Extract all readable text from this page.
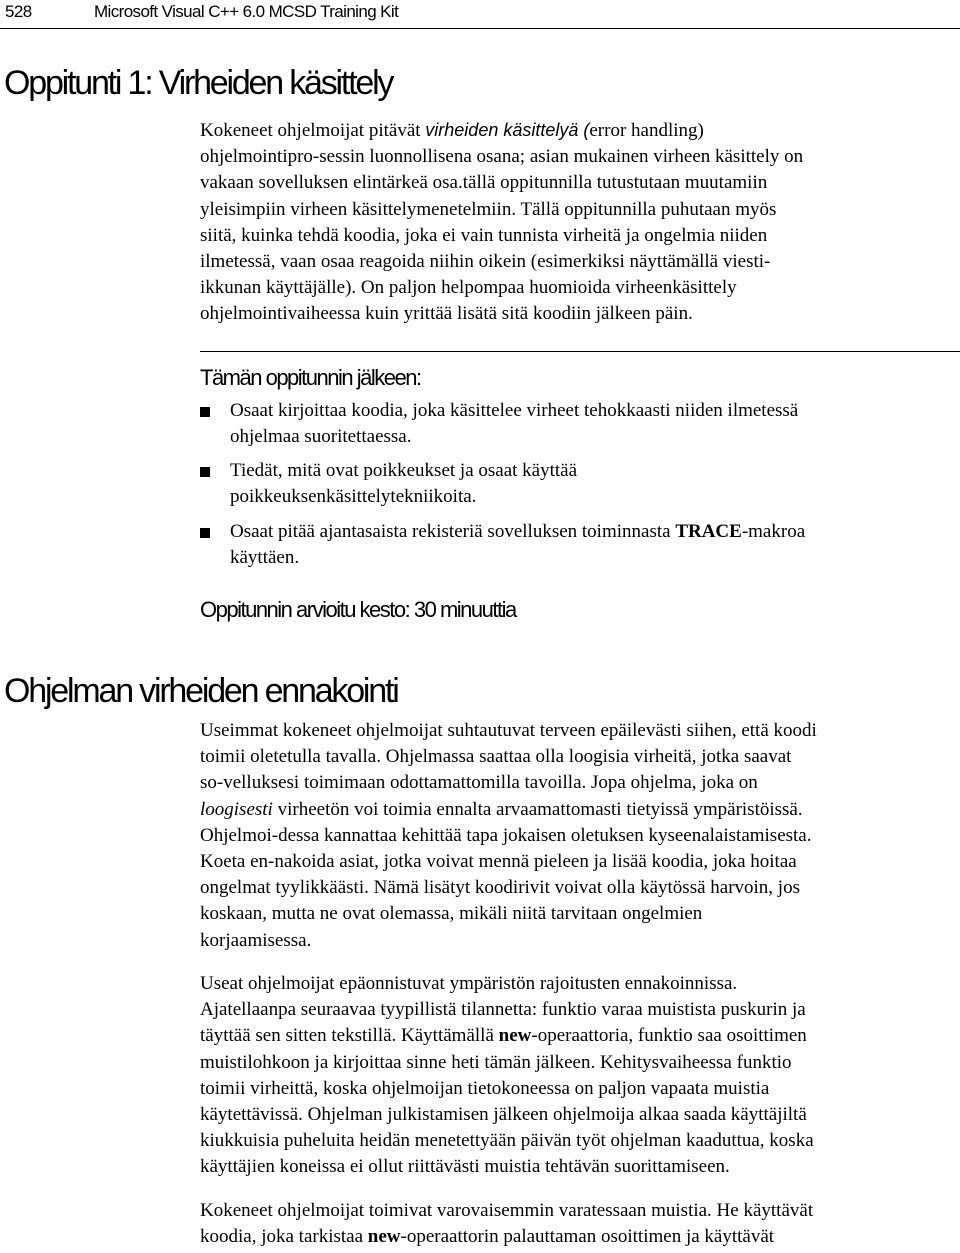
528	Microsoft Visual C++ 6.0 MCSD Training Kit
Oppitunti 1: Virheiden käsittely
Kokeneet ohjelmoijat pitävät virheiden käsittelyä (error handling)
ohjelmointipro-sessin luonnollisena osana; asian mukainen virheen käsittely on
vakaan sovelluksen elintärkeä osa.tällä oppitunnilla tutustutaan muutamiin
yleisimpiin virheen käsittelymenetelmiin. Tällä oppitunnilla puhutaan myös
siitä, kuinka tehdä koodia, joka ei vain tunnista virheitä ja ongelmia niiden
ilmetessä, vaan osaa reagoida niihin oikein (esimerkiksi näyttämällä viesti-
ikkunan käyttäjälle). On paljon helpompaa huomioida virheenkäsittely
ohjelmointivaiheessa kuin yrittää lisätä sitä koodiin jälkeen päin.
Tämän oppitunnin jälkeen:
Osaat kirjoittaa koodia, joka käsittelee virheet tehokkaasti niiden ilmetessä
ohjelmaa suoritettaessa.
Tiedät, mitä ovat poikkeukset ja osaat käyttää
poikkeuksenkäsittelytekniikoita.
Osaat pitää ajantasaista rekisteriä sovelluksen toiminnasta TRACE-makroa
käyttäen.
Oppitunnin arvioitu kesto: 30 minuuttia
Ohjelman virheiden ennakointi
Useimmat kokeneet ohjelmoijat suhtautuvat terveen epäilevästi siihen, että koodi
toimii oletetulla tavalla. Ohjelmassa saattaa olla loogisia virheitä, jotka saavat
so-velluksesi toimimaan odottamattomilla tavoilla. Jopa ohjelma, joka on
loogisesti virheetön voi toimia ennalta arvaamattomasti tietyissä ympäristöissä.
Ohjelmoi-dessa kannattaa kehittää tapa jokaisen oletuksen kyseenalaistamisesta.
Koeta en-nakoida asiat, jotka voivat mennä pieleen ja lisää koodia, joka hoitaa
ongelmat tyylikkäästi. Nämä lisätyt koodirivit voivat olla käytössä harvoin, jos
koskaan, mutta ne ovat olemassa, mikäli niitä tarvitaan ongelmien
korjaamisessa.
Useat ohjelmoijat epäonnistuvat ympäristön rajoitusten ennakoinnissa.
Ajatellaanpa seuraavaa tyypillistä tilannetta: funktio varaa muistista puskurin ja
täyttää sen sitten tekstillä. Käyttämällä new-operaattoria, funktio saa osoittimen
muistilohkoon ja kirjoittaa sinne heti tämän jälkeen. Kehitysvaiheessa funktio
toimii virheittä, koska ohjelmoijan tietokoneessa on paljon vapaata muistia
käytettävissä. Ohjelman julkistamisen jälkeen ohjelmoija alkaa saada käyttäjiltä
kiukkuisia puheluita heidän menetettyään päivän työt ohjelman kaaduttua, koska
käyttäjien koneissa ei ollut riittävästi muistia tehtävän suorittamiseen.
Kokeneet ohjelmoijat toimivat varovaisemmin varatessaan muistia. He käyttävät
koodia, joka tarkistaa new-operaattorin palauttaman osoittimen ja käyttävät
